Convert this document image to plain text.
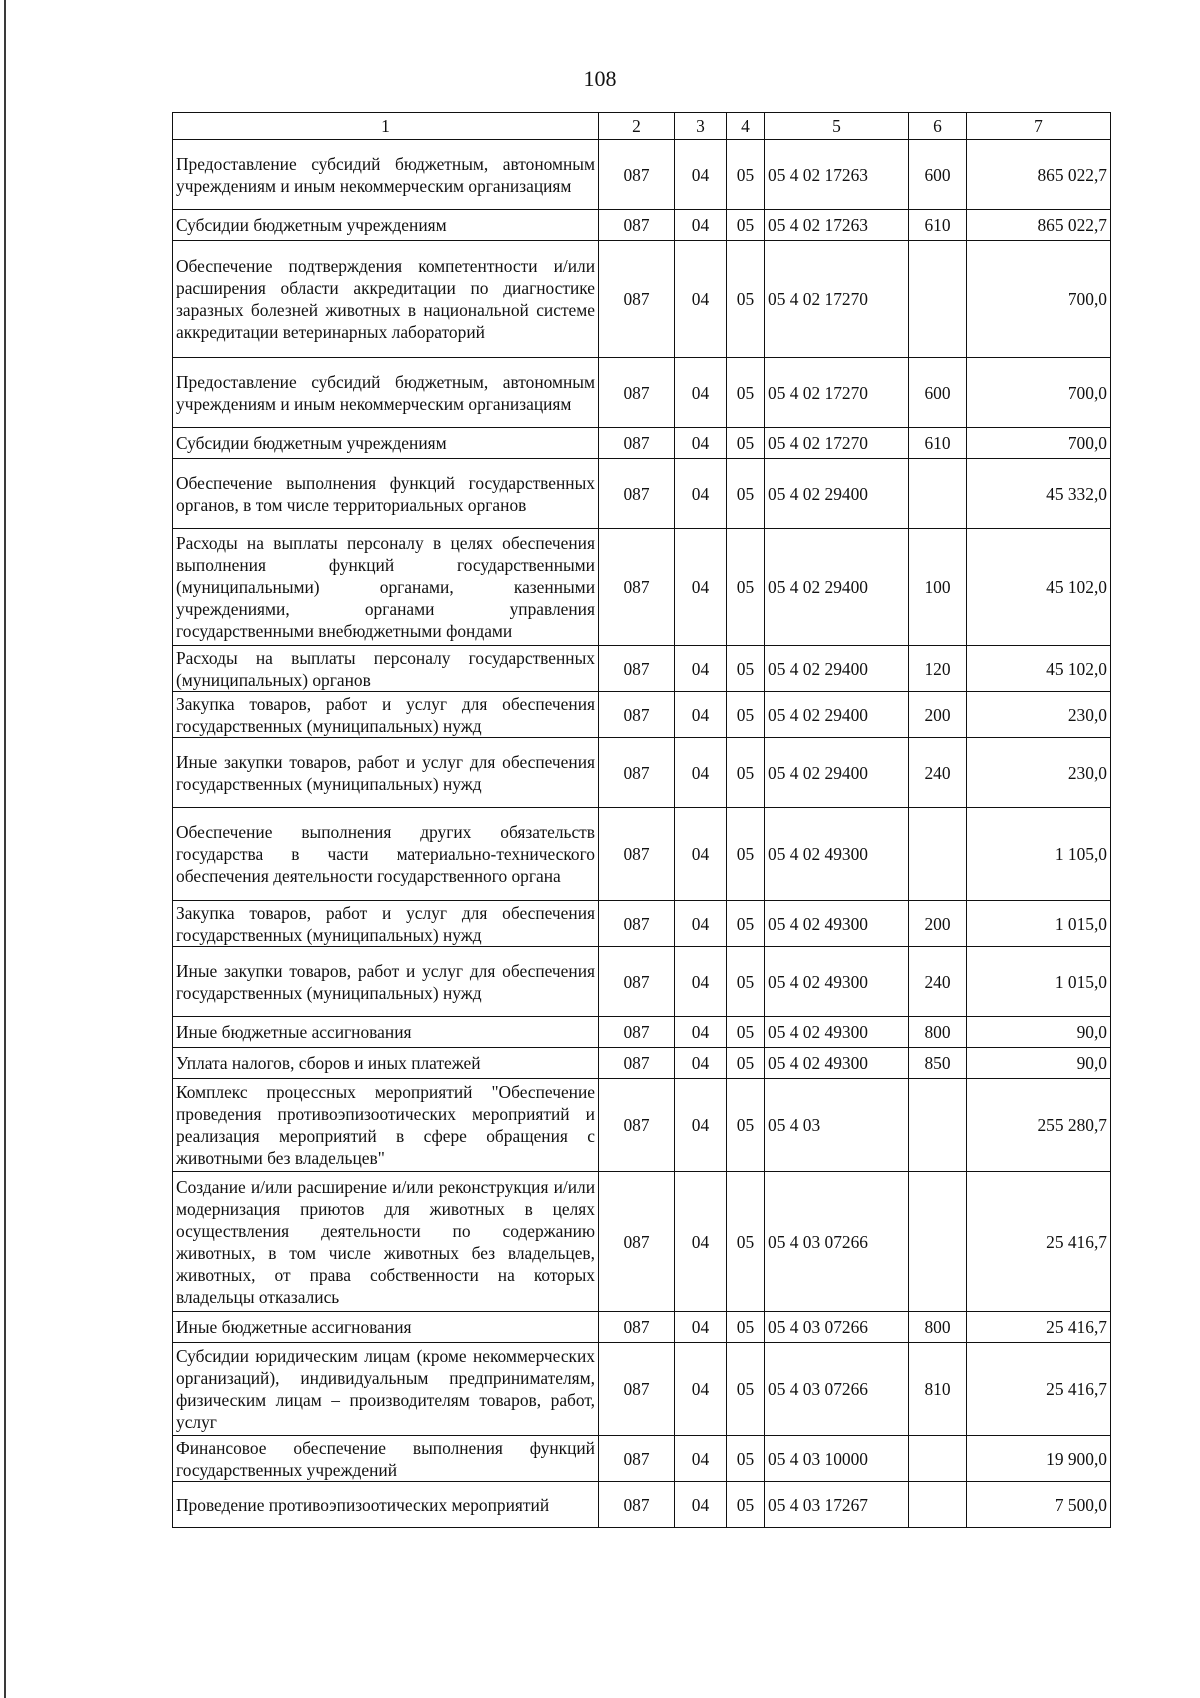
108
1	2	3	4	5	6	7
Предоставление субсидий бюджетным, автономным учреждениям и иным некоммерческим организациям	087	04	05	05 4 02 17263	600	865 022,7
Субсидии бюджетным учреждениям	087	04	05	05 4 02 17263	610	865 022,7
Обеспечение подтверждения компетентности и/или расширения области аккредитации по диагностике заразных болезней животных в национальной системе аккредитации ветеринарных лабораторий	087	04	05	05 4 02 17270		700,0
Предоставление субсидий бюджетным, автономным учреждениям и иным некоммерческим организациям	087	04	05	05 4 02 17270	600	700,0
Субсидии бюджетным учреждениям	087	04	05	05 4 02 17270	610	700,0
Обеспечение выполнения функций государственных органов, в том числе территориальных органов	087	04	05	05 4 02 29400		45 332,0
Расходы на выплаты персоналу в целях обеспечения выполнения функций государственными (муниципальными) органами, казенными учреждениями, органами управления государственными внебюджетными фондами	087	04	05	05 4 02 29400	100	45 102,0
Расходы на выплаты персоналу государственных (муниципальных) органов	087	04	05	05 4 02 29400	120	45 102,0
Закупка товаров, работ и услуг для обеспечения государственных (муниципальных) нужд	087	04	05	05 4 02 29400	200	230,0
Иные закупки товаров, работ и услуг для обеспечения государственных (муниципальных) нужд	087	04	05	05 4 02 29400	240	230,0
Обеспечение выполнения других обязательств государства в части материально-технического обеспечения деятельности государственного органа	087	04	05	05 4 02 49300		1 105,0
Закупка товаров, работ и услуг для обеспечения государственных (муниципальных) нужд	087	04	05	05 4 02 49300	200	1 015,0
Иные закупки товаров, работ и услуг для обеспечения государственных (муниципальных) нужд	087	04	05	05 4 02 49300	240	1 015,0
Иные бюджетные ассигнования	087	04	05	05 4 02 49300	800	90,0
Уплата налогов, сборов и иных платежей	087	04	05	05 4 02 49300	850	90,0
Комплекс процессных мероприятий "Обеспечение проведения противоэпизоотических мероприятий и реализация мероприятий в сфере обращения с животными без владельцев"	087	04	05	05 4 03		255 280,7
Создание и/или расширение и/или реконструкция и/или модернизация приютов для животных в целях осуществления деятельности по содержанию животных, в том числе животных без владельцев, животных, от права собственности на которых владельцы отказались	087	04	05	05 4 03 07266		25 416,7
Иные бюджетные ассигнования	087	04	05	05 4 03 07266	800	25 416,7
Субсидии юридическим лицам (кроме некоммерческих организаций), индивидуальным предпринимателям, физическим лицам – производителям товаров, работ, услуг	087	04	05	05 4 03 07266	810	25 416,7
Финансовое обеспечение выполнения функций государственных учреждений	087	04	05	05 4 03 10000		19 900,0
Проведение противоэпизоотических мероприятий	087	04	05	05 4 03 17267		7 500,0
